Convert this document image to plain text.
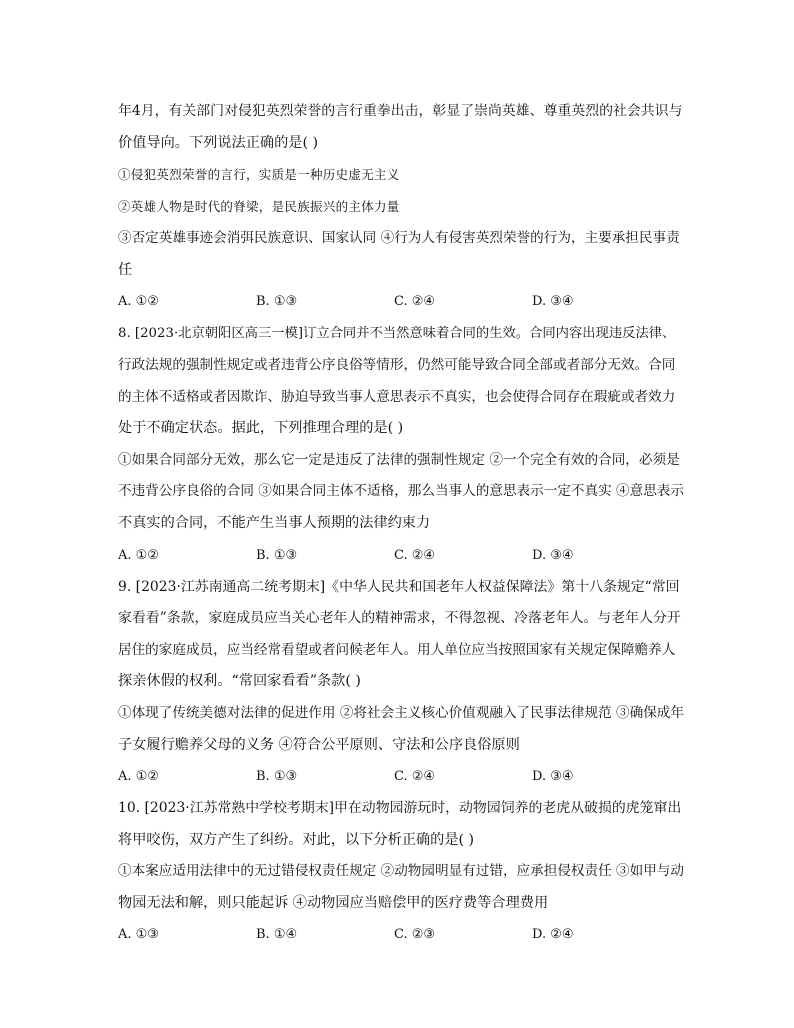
年4月，有关部门对侵犯英烈荣誉的言行重拳出击，彰显了崇尚英雄、尊重英烈的社会共识与

价值导向。下列说法正确的是( )

①侵犯英烈荣誉的言行，实质是一种历史虚无主义

②英雄人物是时代的脊梁，是民族振兴的主体力量

③否定英雄事迹会消弭民族意识、国家认同 ④行为人有侵害英烈荣誉的行为，主要承担民事责

任

A. ①②	B. ①③	C. ②④	D. ③④

8. [2023·北京朝阳区高三一模]订立合同并不当然意味着合同的生效。合同内容出现违反法律、

行政法规的强制性规定或者违背公序良俗等情形，仍然可能导致合同全部或者部分无效。合同

的主体不适格或者因欺诈、胁迫导致当事人意思表示不真实，也会使得合同存在瑕疵或者效力

处于不确定状态。据此，下列推理合理的是( )

①如果合同部分无效，那么它一定是违反了法律的强制性规定 ②一个完全有效的合同，必须是

不违背公序良俗的合同 ③如果合同主体不适格，那么当事人的意思表示一定不真实 ④意思表示

不真实的合同，不能产生当事人预期的法律约束力

A. ①②	B. ①③	C. ②④	D. ③④

9. [2023·江苏南通高二统考期末]《中华人民共和国老年人权益保障法》第十八条规定“常回

家看看”条款，家庭成员应当关心老年人的精神需求，不得忽视、冷落老年人。与老年人分开

居住的家庭成员，应当经常看望或者问候老年人。用人单位应当按照国家有关规定保障赡养人

探亲休假的权利。“常回家看看”条款( )

①体现了传统美德对法律的促进作用 ②将社会主义核心价值观融入了民事法律规范 ③确保成年

子女履行赡养父母的义务 ④符合公平原则、守法和公序良俗原则

A. ①②	B. ①③	C. ②④	D. ③④

10. [2023·江苏常熟中学校考期末]甲在动物园游玩时，动物园饲养的老虎从破损的虎笼窜出

将甲咬伤，双方产生了纠纷。对此，以下分析正确的是( )

①本案应适用法律中的无过错侵权责任规定 ②动物园明显有过错，应承担侵权责任 ③如甲与动

物园无法和解，则只能起诉 ④动物园应当赔偿甲的医疗费等合理费用

A. ①③	B. ①④	C. ②③	D. ②④
